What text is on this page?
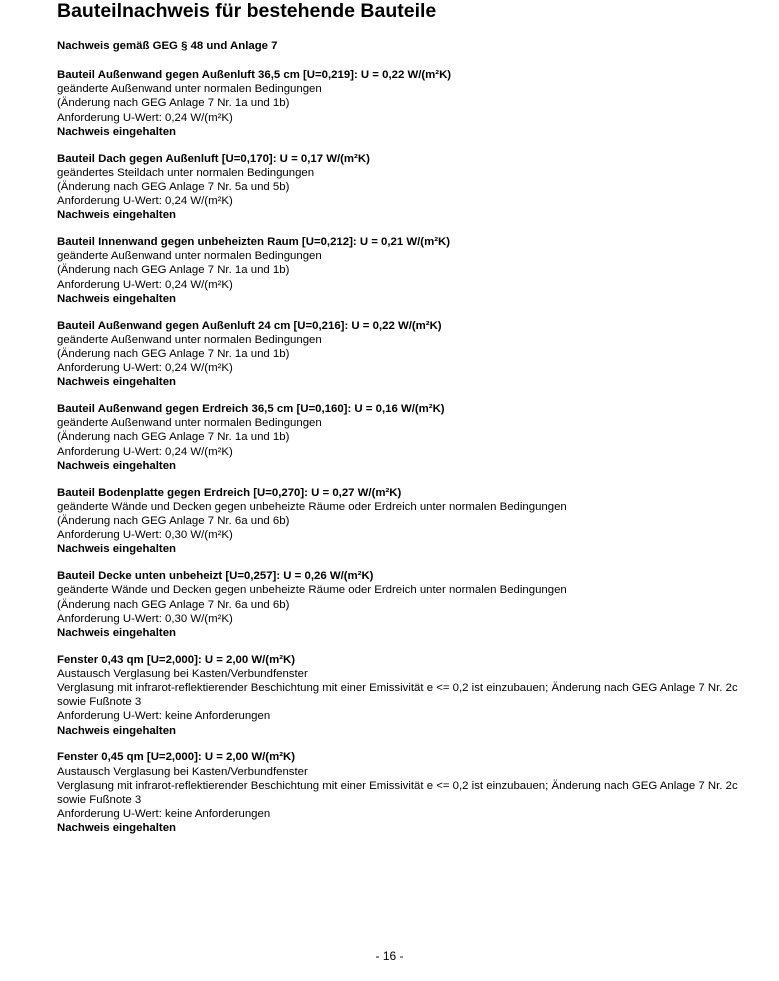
Bauteilnachweis für bestehende Bauteile
Nachweis gemäß GEG § 48 und Anlage 7
Bauteil Außenwand gegen Außenluft 36,5 cm [U=0,219]: U = 0,22 W/(m²K)
geänderte Außenwand unter normalen Bedingungen
(Änderung nach GEG Anlage 7 Nr. 1a und 1b)
Anforderung U-Wert: 0,24 W/(m²K)
Nachweis eingehalten
Bauteil Dach gegen Außenluft [U=0,170]: U = 0,17 W/(m²K)
geändertes Steildach unter normalen Bedingungen
(Änderung nach GEG Anlage 7 Nr. 5a und 5b)
Anforderung U-Wert: 0,24 W/(m²K)
Nachweis eingehalten
Bauteil Innenwand gegen unbeheizten Raum [U=0,212]: U = 0,21 W/(m²K)
geänderte Außenwand unter normalen Bedingungen
(Änderung nach GEG Anlage 7 Nr. 1a und 1b)
Anforderung U-Wert: 0,24 W/(m²K)
Nachweis eingehalten
Bauteil Außenwand gegen Außenluft 24 cm [U=0,216]: U = 0,22 W/(m²K)
geänderte Außenwand unter normalen Bedingungen
(Änderung nach GEG Anlage 7 Nr. 1a und 1b)
Anforderung U-Wert: 0,24 W/(m²K)
Nachweis eingehalten
Bauteil Außenwand gegen Erdreich 36,5 cm [U=0,160]: U = 0,16 W/(m²K)
geänderte Außenwand unter normalen Bedingungen
(Änderung nach GEG Anlage 7 Nr. 1a und 1b)
Anforderung U-Wert: 0,24 W/(m²K)
Nachweis eingehalten
Bauteil Bodenplatte gegen Erdreich [U=0,270]: U = 0,27 W/(m²K)
geänderte Wände und Decken gegen unbeheizte Räume oder Erdreich unter normalen Bedingungen
(Änderung nach GEG Anlage 7 Nr. 6a und 6b)
Anforderung U-Wert: 0,30 W/(m²K)
Nachweis eingehalten
Bauteil Decke unten unbeheizt [U=0,257]: U = 0,26 W/(m²K)
geänderte Wände und Decken gegen unbeheizte Räume oder Erdreich unter normalen Bedingungen
(Änderung nach GEG Anlage 7 Nr. 6a und 6b)
Anforderung U-Wert: 0,30 W/(m²K)
Nachweis eingehalten
Fenster 0,43 qm [U=2,000]: U = 2,00 W/(m²K)
Austausch Verglasung bei Kasten/Verbundfenster
Verglasung mit infrarot-reflektierender Beschichtung mit einer Emissivität e <= 0,2 ist einzubauen; Änderung nach GEG Anlage 7 Nr. 2c sowie Fußnote 3
Anforderung U-Wert: keine Anforderungen
Nachweis eingehalten
Fenster 0,45 qm [U=2,000]: U = 2,00 W/(m²K)
Austausch Verglasung bei Kasten/Verbundfenster
Verglasung mit infrarot-reflektierender Beschichtung mit einer Emissivität e <= 0,2 ist einzubauen; Änderung nach GEG Anlage 7 Nr. 2c sowie Fußnote 3
Anforderung U-Wert: keine Anforderungen
Nachweis eingehalten
- 16 -
